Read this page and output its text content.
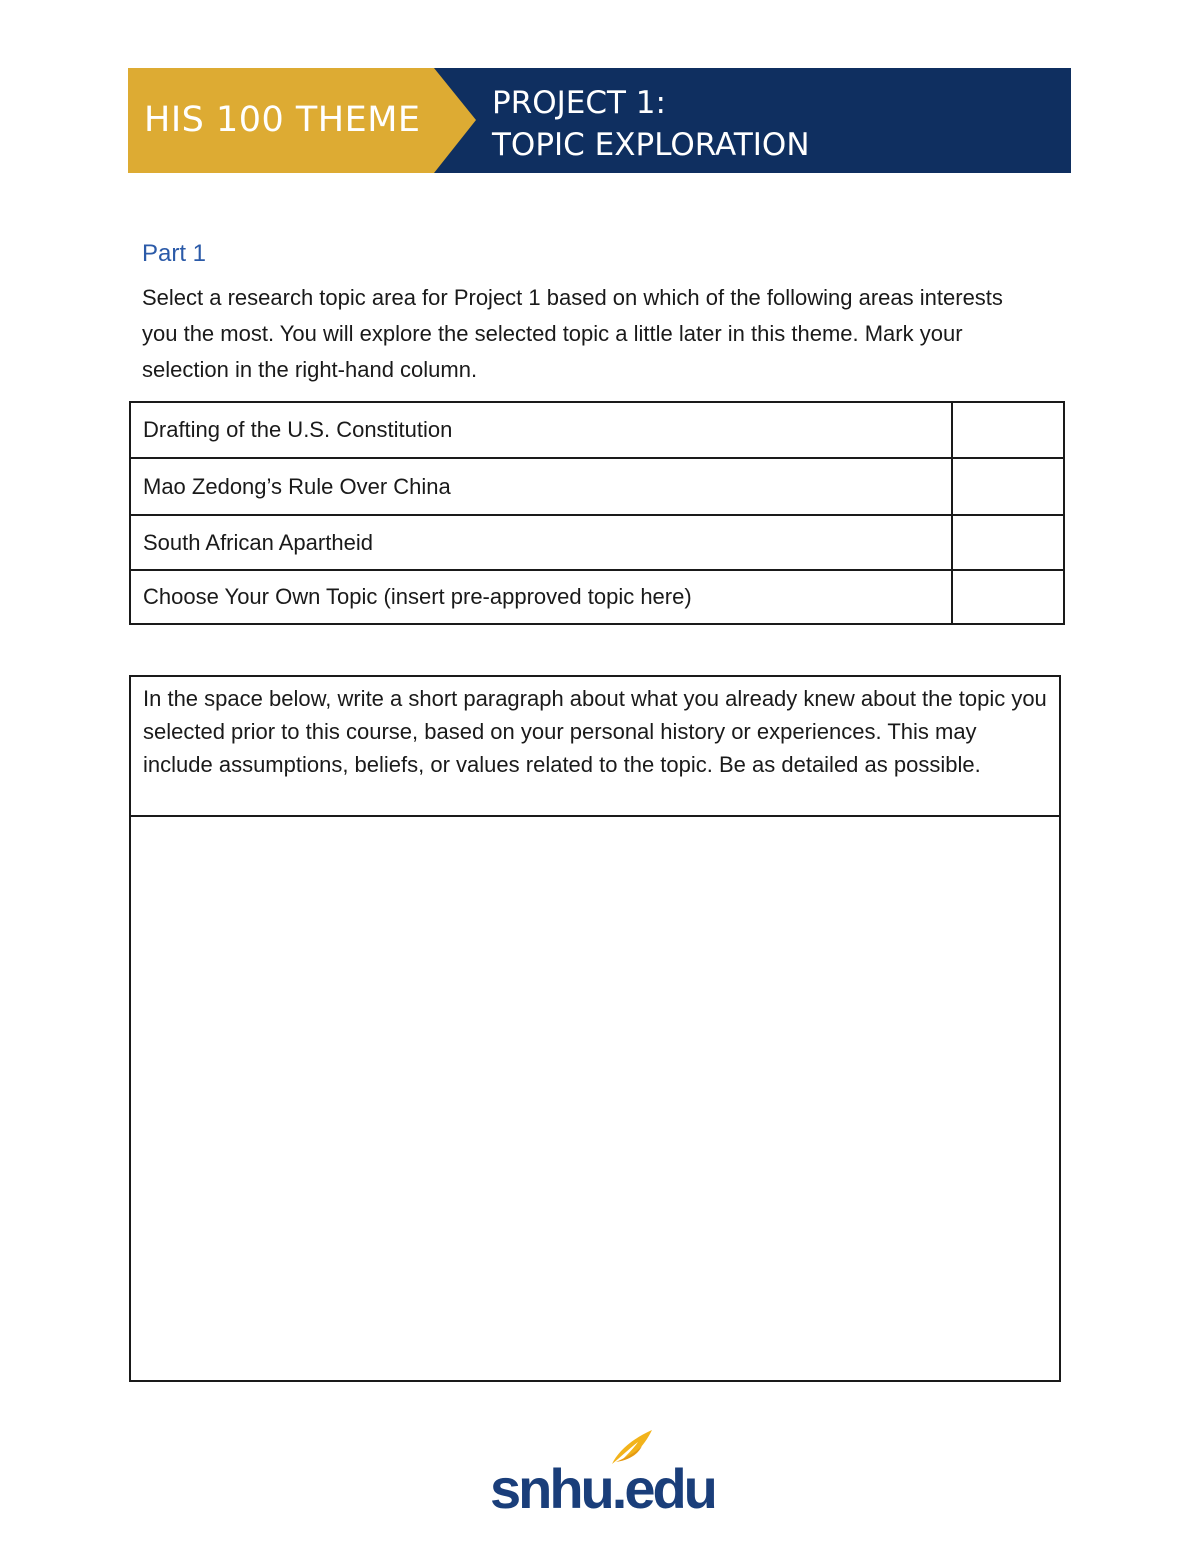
HIS 100 THEME PROJECT 1:
TOPIC EXPLORATION
Part 1
Select a research topic area for Project 1 based on which of the following areas interests you the most. You will explore the selected topic a little later in this theme. Mark your selection in the right-hand column.
Drafting of the U.S. Constitution	
Mao Zedong’s Rule Over China	
South African Apartheid	
Choose Your Own Topic (insert pre-approved topic here)	
In the space below, write a short paragraph about what you already knew about the topic you selected prior to this course, based on your personal history or experiences. This may include assumptions, beliefs, or values related to the topic. Be as detailed as possible.
snhu.edu
